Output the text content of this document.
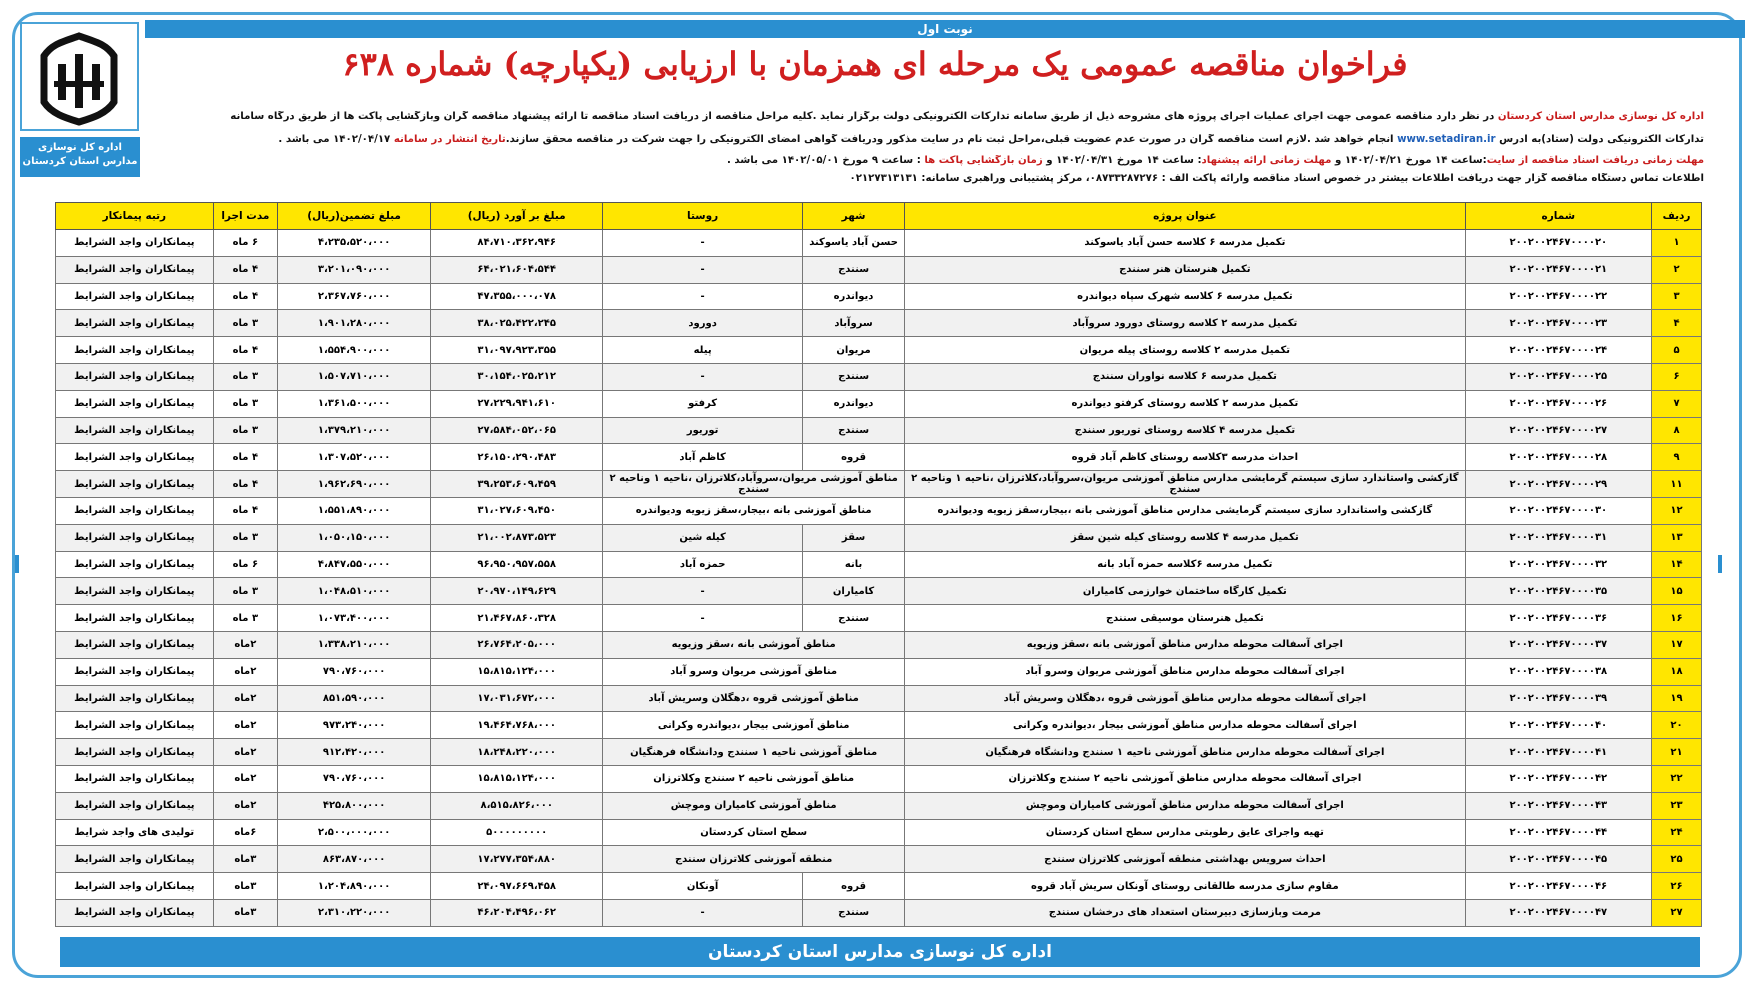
نوبت اول
اداره کل نوسازی مدارس استان کردستان
فراخوان مناقصه عمومی یک مرحله ای همزمان با ارزیابی (یکپارچه) شماره ۶۳۸
اداره کل نوسازی مدارس استان کردستان در نظر دارد مناقصه عمومی جهت اجرای عملیات اجرای پروژه های مشروحه ذیل از طریق سامانه تدارکات الکترونیکی دولت برگزار نماید .کلیه مراحل مناقصه از دریافت اسناد مناقصه تا ارائه پیشنهاد مناقصه گران وبازگشایی پاکت ها از طریق درگاه سامانه
تدارکات الکترونیکی دولت (ستاد)به آدرس www.setadiran.ir انجام خواهد شد .لازم است مناقصه گران در صورت عدم عضویت قبلی،مراحل ثبت نام در سایت مذکور ودریافت گواهی امضای الکترونیکی را جهت شرکت در مناقصه محقق سازند.تاریخ انتشار در سامانه ۱۴۰۲/۰۴/۱۷ می باشد .
مهلت زمانی دریافت اسناد مناقصه از سایت:ساعت ۱۴ مورخ ۱۴۰۲/۰۴/۲۱ و مهلت زمانی ارائه پیشنهاد: ساعت ۱۴ مورخ ۱۴۰۲/۰۴/۳۱ و زمان بازگشایی پاکت ها : ساعت ۹ مورخ ۱۴۰۲/۰۵/۰۱ می باشد .
اطلاعات تماس دستگاه مناقصه گزار جهت دریافت اطلاعات بیشتر در خصوص اسناد مناقصه وارائه پاکت الف : ۰۸۷۳۳۲۸۷۲۷۶، مرکز پشتیبانی وراهبری سامانه: ۰۲۱۲۷۳۱۳۱۳۱
ردیف	شماره	عنوان پروژه	شهر	روستا	مبلغ بر آورد (ریال)	مبلغ تضمین(ریال)	مدت اجرا	رتبه پیمانکار
۱	۲۰۰۲۰۰۲۴۶۷۰۰۰۰۲۰	تکمیل مدرسه ۶ کلاسه حسن آباد یاسوکند	حسن آباد یاسوکند	-	۸۴،۷۱۰،۳۶۲،۹۴۶	۴،۲۳۵،۵۲۰،۰۰۰	۶ ماه	پیمانکاران واجد الشرایط
۲	۲۰۰۲۰۰۲۴۶۷۰۰۰۰۲۱	تکمیل هنرستان هنر سنندج	سنندج	-	۶۴،۰۲۱،۶۰۴،۵۴۴	۳،۲۰۱،۰۹۰،۰۰۰	۴ ماه	پیمانکاران واجد الشرایط
۳	۲۰۰۲۰۰۲۴۶۷۰۰۰۰۲۲	تکمیل مدرسه ۶ کلاسه شهرک سپاه دیواندره	دیواندره	-	۴۷،۳۵۵،۰۰۰،۰۷۸	۲،۳۶۷،۷۶۰،۰۰۰	۴ ماه	پیمانکاران واجد الشرایط
۴	۲۰۰۲۰۰۲۴۶۷۰۰۰۰۲۳	تکمیل مدرسه ۲ کلاسه روستای دورود سروآباد	سروآباد	دورود	۳۸،۰۲۵،۴۲۲،۲۴۵	۱،۹۰۱،۲۸۰،۰۰۰	۳ ماه	پیمانکاران واجد الشرایط
۵	۲۰۰۲۰۰۲۴۶۷۰۰۰۰۲۴	تکمیل مدرسه ۲ کلاسه روستای پیله مریوان	مریوان	پیله	۳۱،۰۹۷،۹۲۳،۳۵۵	۱،۵۵۴،۹۰۰،۰۰۰	۴ ماه	پیمانکاران واجد الشرایط
۶	۲۰۰۲۰۰۲۴۶۷۰۰۰۰۲۵	تکمیل مدرسه ۶ کلاسه نواوران سنندج	سنندج	-	۳۰،۱۵۴،۰۲۵،۲۱۲	۱،۵۰۷،۷۱۰،۰۰۰	۳ ماه	پیمانکاران واجد الشرایط
۷	۲۰۰۲۰۰۲۴۶۷۰۰۰۰۲۶	تکمیل مدرسه ۲ کلاسه روستای کرفتو دیواندره	دیواندره	کرفتو	۲۷،۲۲۹،۹۴۱،۶۱۰	۱،۳۶۱،۵۰۰،۰۰۰	۳ ماه	پیمانکاران واجد الشرایط
۸	۲۰۰۲۰۰۲۴۶۷۰۰۰۰۲۷	تکمیل مدرسه ۴ کلاسه روستای توریور سنندج	سنندج	توریور	۲۷،۵۸۴،۰۵۲،۰۶۵	۱،۳۷۹،۲۱۰،۰۰۰	۳ ماه	پیمانکاران واجد الشرایط
۹	۲۰۰۲۰۰۲۴۶۷۰۰۰۰۲۸	احداث مدرسه ۳کلاسه روستای کاظم آباد قروه	قروه	کاظم آباد	۲۶،۱۵۰،۲۹۰،۴۸۳	۱،۳۰۷،۵۲۰،۰۰۰	۴ ماه	پیمانکاران واجد الشرایط
۱۱	۲۰۰۲۰۰۲۴۶۷۰۰۰۰۲۹	گازکشی واستاندارد سازی سیستم گرمایشی مدارس مناطق آموزشی مریوان،سروآباد،کلاترزان ،ناحیه ۱ وناحیه ۲ سنندج	مناطق آموزشی مریوان،سروآباد،کلاترزان ،ناحیه ۱ وناحیه ۲ سنندج		۳۹،۲۵۳،۶۰۹،۴۵۹	۱،۹۶۲،۶۹۰،۰۰۰	۴ ماه	پیمانکاران واجد الشرایط
۱۲	۲۰۰۲۰۰۲۴۶۷۰۰۰۰۳۰	گازکشی واستاندارد سازی سیستم گرمایشی مدارس مناطق آموزشی بانه ،بیجار،سقز زیویه ودیواندره	مناطق آموزشی بانه ،بیجار،سقز زیویه ودیواندره		۳۱،۰۲۷،۶۰۹،۴۵۰	۱،۵۵۱،۸۹۰،۰۰۰	۴ ماه	پیمانکاران واجد الشرایط
۱۳	۲۰۰۲۰۰۲۴۶۷۰۰۰۰۳۱	تکمیل مدرسه ۴ کلاسه روستای کیله شین سقز	سقز	کیله شین	۲۱،۰۰۲،۸۷۳،۵۲۳	۱،۰۵۰،۱۵۰،۰۰۰	۳ ماه	پیمانکاران واجد الشرایط
۱۴	۲۰۰۲۰۰۲۴۶۷۰۰۰۰۳۲	تکمیل مدرسه ۶کلاسه حمزه آباد بانه	بانه	حمزه آباد	۹۶،۹۵۰،۹۵۷،۵۵۸	۴،۸۴۷،۵۵۰،۰۰۰	۶ ماه	پیمانکاران واجد الشرایط
۱۵	۲۰۰۲۰۰۲۴۶۷۰۰۰۰۳۵	تکمیل کارگاه ساختمان خوارزمی کامیاران	کامیاران	-	۲۰،۹۷۰،۱۴۹،۶۲۹	۱،۰۴۸،۵۱۰،۰۰۰	۳ ماه	پیمانکاران واجد الشرایط
۱۶	۲۰۰۲۰۰۲۴۶۷۰۰۰۰۳۶	تکمیل هنرستان موسیقی سنندج	سنندج	-	۲۱،۴۶۷،۸۶۰،۳۲۸	۱،۰۷۳،۴۰۰،۰۰۰	۳ ماه	پیمانکاران واجد الشرایط
۱۷	۲۰۰۲۰۰۲۴۶۷۰۰۰۰۳۷	اجرای آسفالت محوطه مدارس مناطق آموزشی بانه ،سقز وزیویه	مناطق آموزشی بانه ،سقز وزیویه		۲۶،۷۶۴،۲۰۵،۰۰۰	۱،۳۳۸،۲۱۰،۰۰۰	۲ماه	پیمانکاران واجد الشرایط
۱۸	۲۰۰۲۰۰۲۴۶۷۰۰۰۰۳۸	اجرای آسفالت محوطه مدارس مناطق آموزشی مریوان وسرو آباد	مناطق آموزشی مریوان وسرو آباد		۱۵،۸۱۵،۱۲۴،۰۰۰	۷۹۰،۷۶۰،۰۰۰	۲ماه	پیمانکاران واجد الشرایط
۱۹	۲۰۰۲۰۰۲۴۶۷۰۰۰۰۳۹	اجرای آسفالت محوطه مدارس مناطق آموزشی قروه ،دهگلان وسریش آباد	مناطق آموزشی قروه ،دهگلان وسریش آباد		۱۷،۰۳۱،۶۷۲،۰۰۰	۸۵۱،۵۹۰،۰۰۰	۲ماه	پیمانکاران واجد الشرایط
۲۰	۲۰۰۲۰۰۲۴۶۷۰۰۰۰۴۰	اجرای آسفالت محوطه مدارس مناطق آموزشی بیجار ،دیواندره وکرانی	مناطق آموزشی بیجار ،دیواندره وکرانی		۱۹،۴۶۴،۷۶۸،۰۰۰	۹۷۳،۲۴۰،۰۰۰	۲ماه	پیمانکاران واجد الشرایط
۲۱	۲۰۰۲۰۰۲۴۶۷۰۰۰۰۴۱	اجرای آسفالت محوطه مدارس مناطق آموزشی ناحیه ۱ سنندج ودانشگاه فرهنگیان	مناطق آموزشی ناحیه ۱ سنندج ودانشگاه فرهنگیان		۱۸،۲۴۸،۲۲۰،۰۰۰	۹۱۲،۴۲۰،۰۰۰	۲ماه	پیمانکاران واجد الشرایط
۲۲	۲۰۰۲۰۰۲۴۶۷۰۰۰۰۴۲	اجرای آسفالت محوطه مدارس مناطق آموزشی ناحیه ۲ سنندج وکلاترزان	مناطق آموزشی ناحیه ۲ سنندج وکلاترزان		۱۵،۸۱۵،۱۲۴،۰۰۰	۷۹۰،۷۶۰،۰۰۰	۲ماه	پیمانکاران واجد الشرایط
۲۳	۲۰۰۲۰۰۲۴۶۷۰۰۰۰۴۳	اجرای آسفالت محوطه مدارس مناطق آموزشی کامیاران وموچش	مناطق آموزشی کامیاران وموچش		۸،۵۱۵،۸۲۶،۰۰۰	۴۲۵،۸۰۰،۰۰۰	۲ماه	پیمانکاران واجد الشرایط
۲۴	۲۰۰۲۰۰۲۴۶۷۰۰۰۰۴۴	تهیه واجرای عایق رطوبتی مدارس سطح استان کردستان	سطح استان کردستان		۵۰۰۰۰۰۰۰۰۰	۲،۵۰۰،۰۰۰،۰۰۰	۶ماه	تولیدی های واجد شرایط
۲۵	۲۰۰۲۰۰۲۴۶۷۰۰۰۰۴۵	احداث سرویس بهداشتی منطقه آموزشی کلاترزان سنندج	منطقه آموزشی کلاترزان سنندج		۱۷،۲۷۷،۳۵۴،۸۸۰	۸۶۳،۸۷۰،۰۰۰	۳ماه	پیمانکاران واجد الشرایط
۲۶	۲۰۰۲۰۰۲۴۶۷۰۰۰۰۴۶	مقاوم سازی مدرسه طالقانی روستای آونکان سریش آباد قروه	قروه	آونکان	۲۴،۰۹۷،۶۶۹،۴۵۸	۱،۲۰۴،۸۹۰،۰۰۰	۳ماه	پیمانکاران واجد الشرایط
۲۷	۲۰۰۲۰۰۲۴۶۷۰۰۰۰۴۷	مرمت وبازسازی دبیرستان استعداد های درخشان سنندج	سنندج	-	۴۶،۲۰۴،۴۹۶،۰۶۲	۲،۳۱۰،۲۲۰،۰۰۰	۳ماه	پیمانکاران واجد الشرایط
اداره کل نوسازی مدارس استان کردستان
